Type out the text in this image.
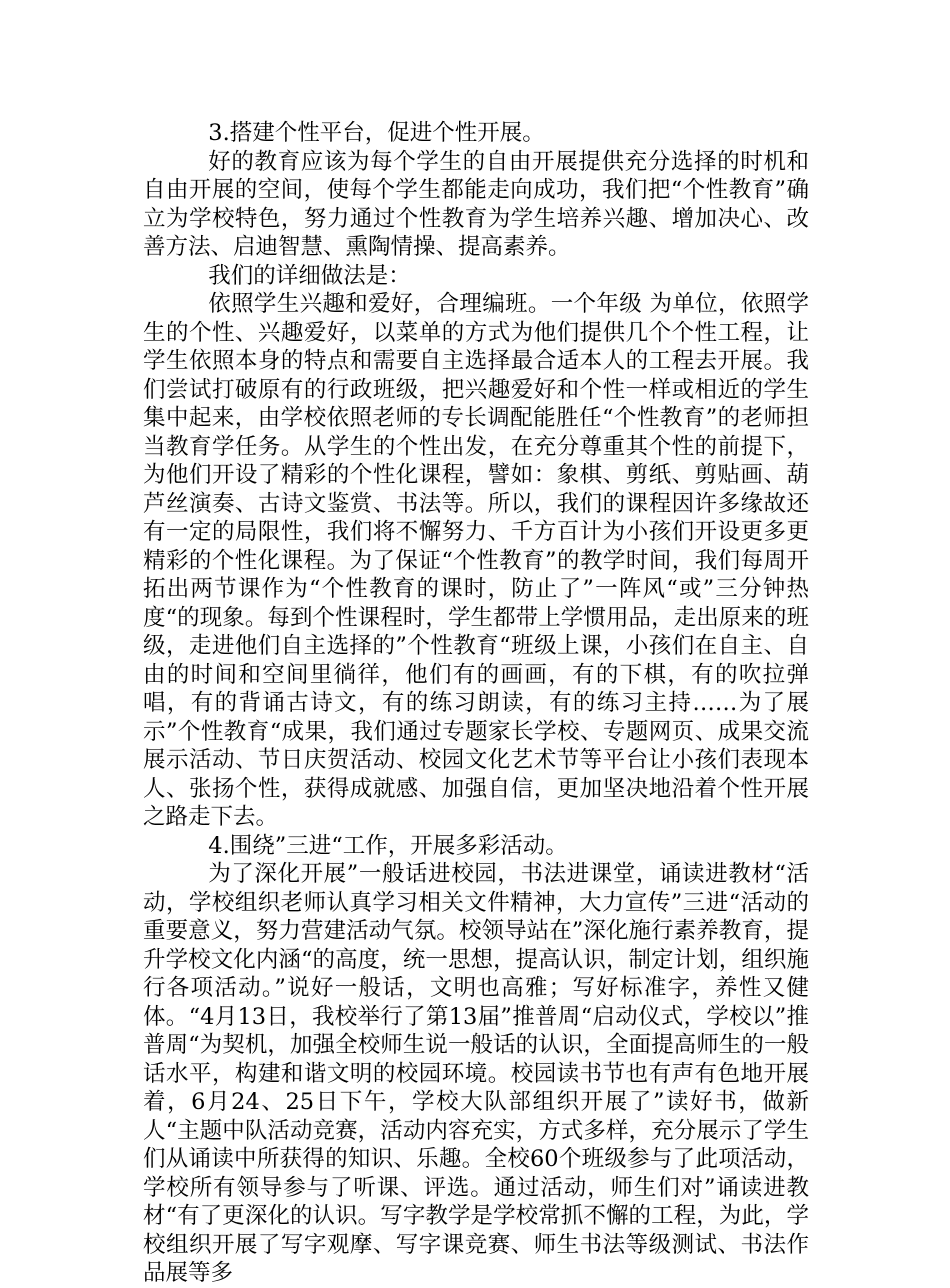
3.搭建个性平台，促进个性开展。

好的教育应该为每个学生的自由开展提供充分选择的时机和自由开展的空间，使每个学生都能走向成功，我们把“个性教育”确立为学校特色，努力通过个性教育为学生培养兴趣、增加决心、改善方法、启迪智慧、熏陶情操、提高素养。

我们的详细做法是：

依照学生兴趣和爱好，合理编班。一个年级 为单位，依照学生的个性、兴趣爱好，以菜单的方式为他们提供几个个性工程，让学生依照本身的特点和需要自主选择最合适本人的工程去开展。我们尝试打破原有的行政班级，把兴趣爱好和个性一样或相近的学生集中起来，由学校依照老师的专长调配能胜任“个性教育”的老师担当教育学任务。从学生的个性出发，在充分尊重其个性的前提下，为他们开设了精彩的个性化课程，譬如：象棋、剪纸、剪贴画、葫芦丝演奏、古诗文鉴赏、书法等。所以，我们的课程因许多缘故还有一定的局限性，我们将不懈努力、千方百计为小孩们开设更多更精彩的个性化课程。为了保证“个性教育”的教学时间，我们每周开拓出两节课作为“个性教育的课时，防止了”一阵风“或”三分钟热度“的现象。每到个性课程时，学生都带上学惯用品，走出原来的班级，走进他们自主选择的”个性教育“班级上课，小孩们在自主、自由的时间和空间里徜徉，他们有的画画，有的下棋，有的吹拉弹唱，有的背诵古诗文，有的练习朗读，有的练习主持……为了展示”个性教育“成果，我们通过专题家长学校、专题网页、成果交流展示活动、节日庆贺活动、校园文化艺术节等平台让小孩们表现本人、张扬个性，获得成就感、加强自信，更加坚决地沿着个性开展之路走下去。

4.围绕”三进“工作，开展多彩活动。

为了深化开展”一般话进校园，书法进课堂，诵读进教材“活动，学校组织老师认真学习相关文件精神，大力宣传”三进“活动的重要意义，努力营建活动气氛。校领导站在”深化施行素养教育，提升学校文化内涵“的高度，统一思想，提高认识，制定计划，组织施行各项活动。”说好一般话，文明也高雅；写好标准字，养性又健体。“4月13日，我校举行了第13届”推普周“启动仪式，学校以”推普周“为契机，加强全校师生说一般话的认识，全面提高师生的一般话水平，构建和谐文明的校园环境。校园读书节也有声有色地开展着，6月24、25日下午，学校大队部组织开展了”读好书，做新人“主题中队活动竞赛，活动内容充实，方式多样，充分展示了学生们从诵读中所获得的知识、乐趣。全校60个班级参与了此项活动，学校所有领导参与了听课、评选。通过活动，师生们对”诵读进教材“有了更深化的认识。写字教学是学校常抓不懈的工程，为此，学校组织开展了写字观摩、写字课竞赛、师生书法等级测试、书法作品展等多
